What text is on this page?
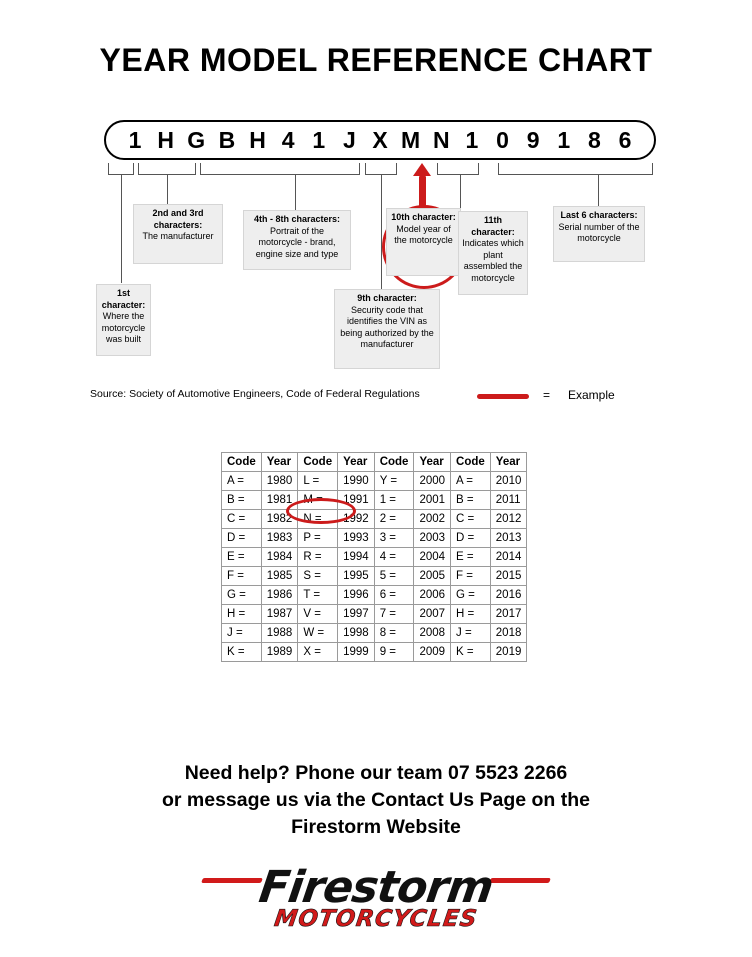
YEAR MODEL REFERENCE CHART
1 H G B H 4 1 J X M N 1 0 9 1 8 6
1st character:
Where the motorcycle was built
2nd and 3rd characters:
The manufacturer
4th - 8th characters:
Portrait of the motorcycle - brand, engine size and type
9th character:
Security code that identifies the VIN as being authorized by the manufacturer
10th character:
Model year of the motorcycle
11th character:
Indicates which plant assembled the motorcycle
Last 6 characters:
Serial number of the motorcycle
Source: Society of Automotive Engineers, Code of Federal Regulations	= Example
Code	Year	Code	Year	Code	Year	Code	Year
A =	1980	L =	1990	Y =	2000	A =	2010
B =	1981	M =	1991	1 =	2001	B =	2011
C =	1982	N =	1992	2 =	2002	C =	2012
D =	1983	P =	1993	3 =	2003	D =	2013
E =	1984	R =	1994	4 =	2004	E =	2014
F =	1985	S =	1995	5 =	2005	F =	2015
G =	1986	T =	1996	6 =	2006	G =	2016
H =	1987	V =	1997	7 =	2007	H =	2017
J =	1988	W =	1998	8 =	2008	J =	2018
K =	1989	X =	1999	9 =	2009	K =	2019
Need help? Phone our team 07 5523 2266
or message us via the Contact Us Page on the
Firestorm Website
Firestorm
MOTORCYCLES
